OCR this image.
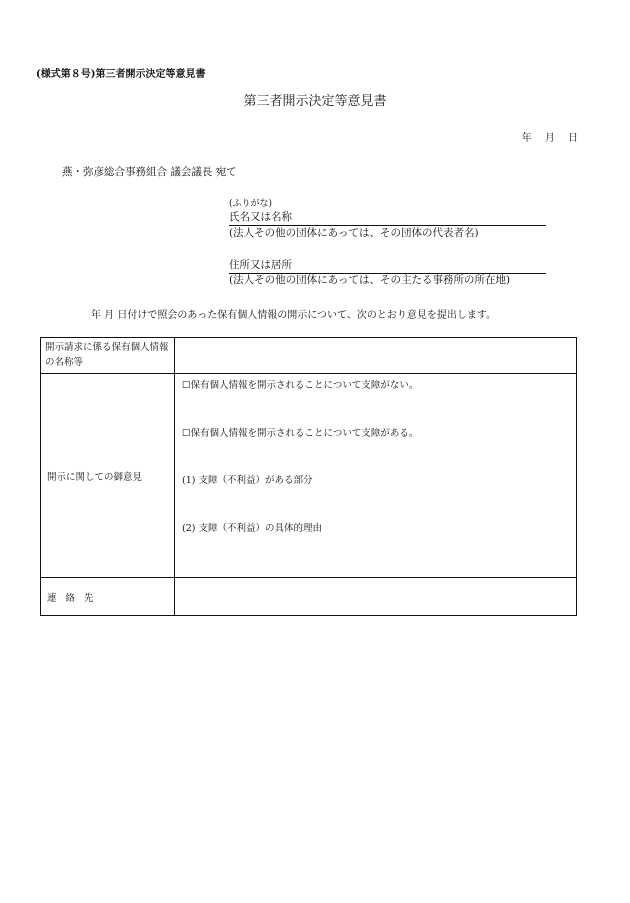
(様式第８号)第三者開示決定等意見書
第三者開示決定等意見書
年 月 日
燕・弥彦総合事務組合 議会議長 宛て
(ふりがな)
氏名又は名称
(法人その他の団体にあっては、その団体の代表者名)
住所又は居所
(法人その他の団体にあっては、その主たる事務所の所在地)
年 月 日付けで照会のあった保有個人情報の開示について、次のとおり意見を提出します。
開示請求に係る保有個人情報の名称等	
開示に関しての御意見	☐保有個人情報を開示されることについて支障がない。
☐保有個人情報を開示されることについて支障がある。
(1) 支障（不利益）がある部分
(2) 支障（不利益）の具体的理由

連 絡 先	
